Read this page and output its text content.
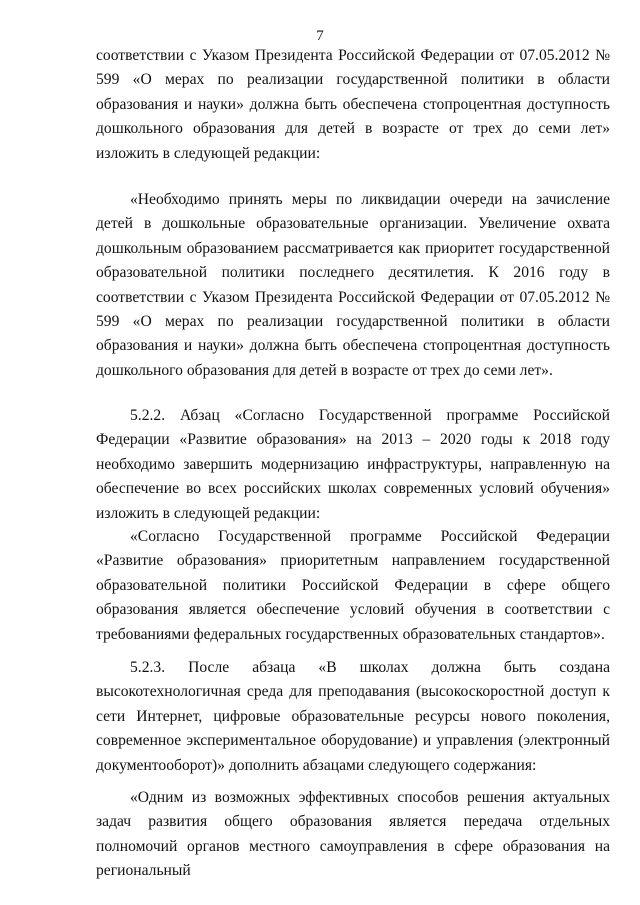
7

соответствии с Указом Президента Российской Федерации от 07.05.2012 № 599 «О мерах по реализации государственной политики в области образования и науки» должна быть обеспечена стопроцентная доступность дошкольного образования для детей в возрасте от трех до семи лет» изложить в следующей редакции:

«Необходимо принять меры по ликвидации очереди на зачисление детей в дошкольные образовательные организации. Увеличение охвата дошкольным образованием рассматривается как приоритет государственной образовательной политики последнего десятилетия. К 2016 году в соответствии с Указом Президента Российской Федерации от 07.05.2012 № 599 «О мерах по реализации государственной политики в области образования и науки» должна быть обеспечена стопроцентная доступность дошкольного образования для детей в возрасте от трех до семи лет».

5.2.2. Абзац «Согласно Государственной программе Российской Федерации «Развитие образования» на 2013 – 2020 годы к 2018 году необходимо завершить модернизацию инфраструктуры, направленную на обеспечение во всех российских школах современных условий обучения» изложить в следующей редакции:

«Согласно Государственной программе Российской Федерации «Развитие образования» приоритетным направлением государственной образовательной политики Российской Федерации в сфере общего образования является обеспечение условий обучения в соответствии с требованиями федеральных государственных образовательных стандартов».

5.2.3. После абзаца «В школах должна быть создана высокотехнологичная среда для преподавания (высокоскоростной доступ к сети Интернет, цифровые образовательные ресурсы нового поколения, современное экспериментальное оборудование) и управления (электронный документооборот)» дополнить абзацами следующего содержания:

«Одним из возможных эффективных способов решения актуальных задач развития общего образования является передача отдельных полномочий органов местного самоуправления в сфере образования на региональный
